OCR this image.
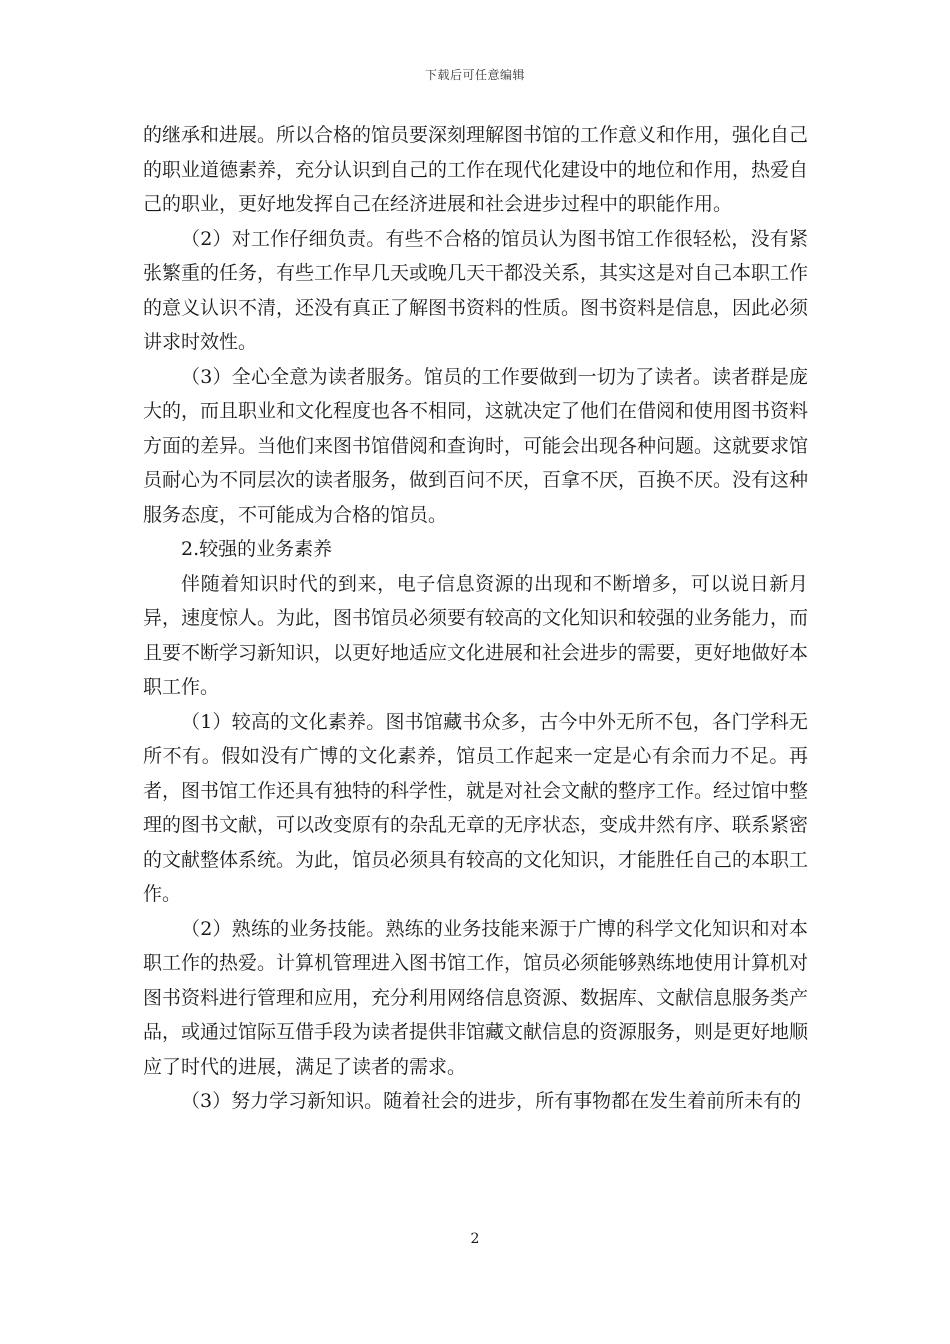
下载后可任意编辑

的继承和进展。所以合格的馆员要深刻理解图书馆的工作意义和作用，强化自己的职业道德素养，充分认识到自己的工作在现代化建设中的地位和作用，热爱自己的职业，更好地发挥自己在经济进展和社会进步过程中的职能作用。

（2）对工作仔细负责。有些不合格的馆员认为图书馆工作很轻松，没有紧张繁重的任务，有些工作早几天或晚几天干都没关系，其实这是对自己本职工作的意义认识不清，还没有真正了解图书资料的性质。图书资料是信息，因此必须讲求时效性。

（3）全心全意为读者服务。馆员的工作要做到一切为了读者。读者群是庞大的，而且职业和文化程度也各不相同，这就决定了他们在借阅和使用图书资料方面的差异。当他们来图书馆借阅和查询时，可能会出现各种问题。这就要求馆员耐心为不同层次的读者服务，做到百问不厌，百拿不厌，百换不厌。没有这种服务态度，不可能成为合格的馆员。

2.较强的业务素养

伴随着知识时代的到来，电子信息资源的出现和不断增多，可以说日新月异，速度惊人。为此，图书馆员必须要有较高的文化知识和较强的业务能力，而且要不断学习新知识，以更好地适应文化进展和社会进步的需要，更好地做好本职工作。

（1）较高的文化素养。图书馆藏书众多，古今中外无所不包，各门学科无所不有。假如没有广博的文化素养，馆员工作起来一定是心有余而力不足。再者，图书馆工作还具有独特的科学性，就是对社会文献的整序工作。经过馆中整理的图书文献，可以改变原有的杂乱无章的无序状态，变成井然有序、联系紧密的文献整体系统。为此，馆员必须具有较高的文化知识，才能胜任自己的本职工作。

（2）熟练的业务技能。熟练的业务技能来源于广博的科学文化知识和对本职工作的热爱。计算机管理进入图书馆工作，馆员必须能够熟练地使用计算机对图书资料进行管理和应用，充分利用网络信息资源、数据库、文献信息服务类产品，或通过馆际互借手段为读者提供非馆藏文献信息的资源服务，则是更好地顺应了时代的进展，满足了读者的需求。

（3）努力学习新知识。随着社会的进步，所有事物都在发生着前所未有的

2
